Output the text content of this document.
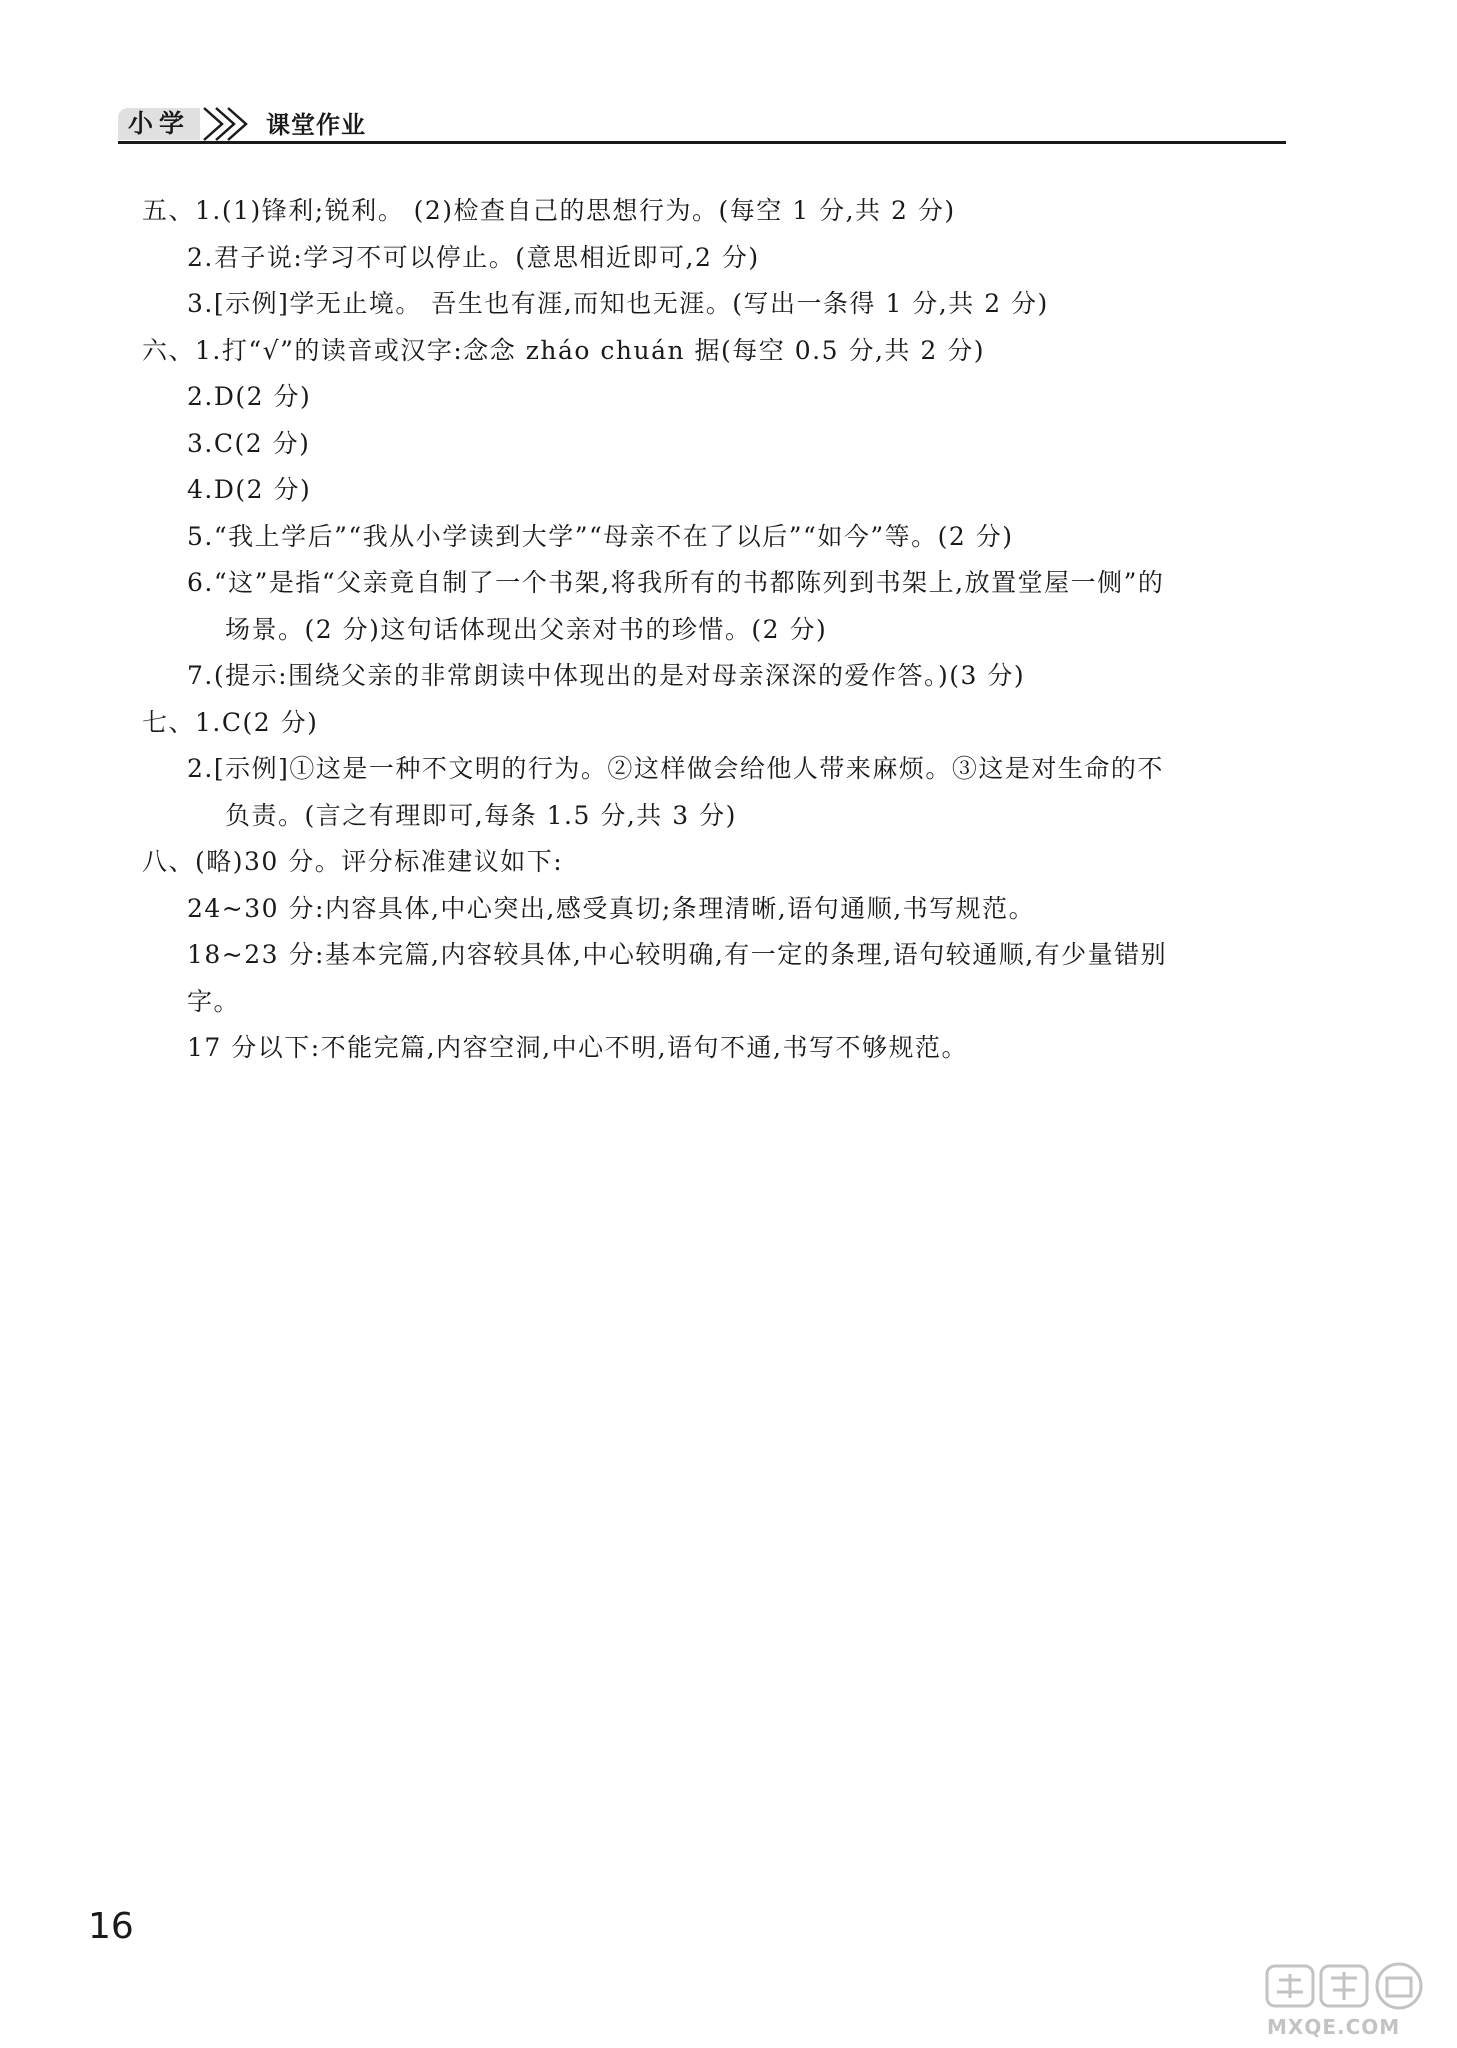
小学	课堂作业
五、1.(1)锋利;锐利。 (2)检查自己的思想行为。(每空 1 分,共 2 分)
2.君子说:学习不可以停止。(意思相近即可,2 分)
3.[示例]学无止境。 吾生也有涯,而知也无涯。(写出一条得 1 分,共 2 分)
六、1.打“√”的读音或汉字:念念 zháo chuán 据(每空 0.5 分,共 2 分)
2.D(2 分)
3.C(2 分)
4.D(2 分)
5.“我上学后”“我从小学读到大学”“母亲不在了以后”“如今”等。(2 分)
6.“这”是指“父亲竟自制了一个书架,将我所有的书都陈列到书架上,放置堂屋一侧”的
场景。(2 分)这句话体现出父亲对书的珍惜。(2 分)
7.(提示:围绕父亲的非常朗读中体现出的是对母亲深深的爱作答。)(3 分)
七、1.C(2 分)
2.[示例]①这是一种不文明的行为。②这样做会给他人带来麻烦。③这是对生命的不
负责。(言之有理即可,每条 1.5 分,共 3 分)
八、(略)30 分。评分标准建议如下:
24~30 分:内容具体,中心突出,感受真切;条理清晰,语句通顺,书写规范。
18~23 分:基本完篇,内容较具体,中心较明确,有一定的条理,语句较通顺,有少量错别
字。
17 分以下:不能完篇,内容空洞,中心不明,语句不通,书写不够规范。
16
MXQE.COM
